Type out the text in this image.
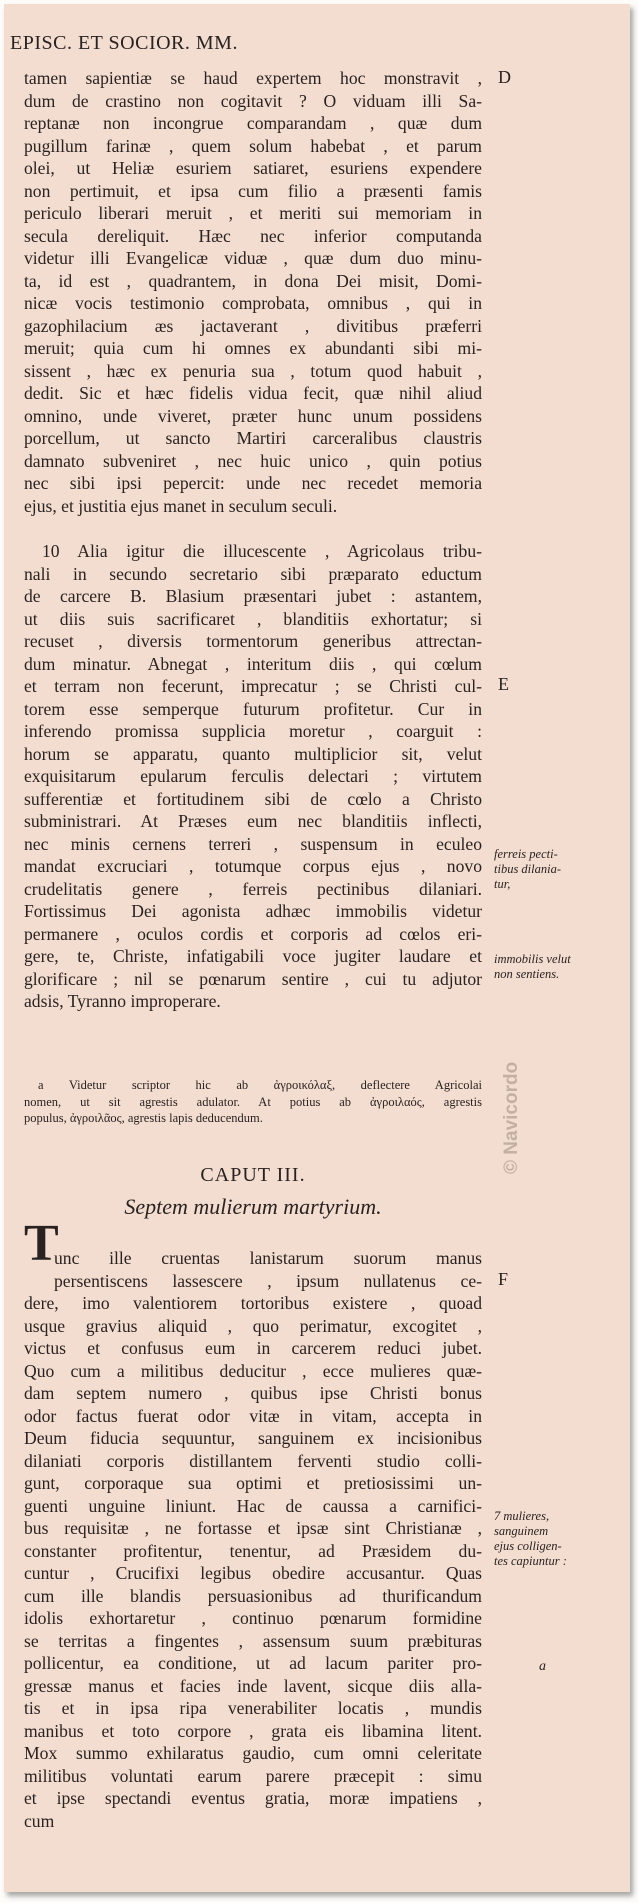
EPISC. ET SOCIOR. MM.
D
E
F
a
tamen sapientiæ se haud expertem hoc monstravit ,
dum de crastino non cogitavit ? O viduam illi Sa-
reptanæ non incongrue comparandam , quæ dum
pugillum farinæ , quem solum habebat , et parum
olei, ut Heliæ esuriem satiaret, esuriens expendere
non pertimuit, et ipsa cum filio a præsenti famis
periculo liberari meruit , et meriti sui memoriam in
secula dereliquit. Hæc nec inferior computanda
videtur illi Evangelicæ viduæ , quæ dum duo minu-
ta, id est , quadrantem, in dona Dei misit, Domi-
nicæ vocis testimonio comprobata, omnibus , qui in
gazophilacium æs jactaverant , divitibus præferri
meruit; quia cum hi omnes ex abundanti sibi mi-
sissent , hæc ex penuria sua , totum quod habuit ,
dedit. Sic et hæc fidelis vidua fecit, quæ nihil aliud
omnino, unde viveret, præter hunc unum possidens
porcellum, ut sancto Martiri carceralibus claustris
damnato subveniret , nec huic unico , quin potius
nec sibi ipsi pepercit: unde nec recedet memoria
ejus, et justitia ejus manet in seculum seculi.
10 Alia igitur die illucescente , Agricolaus tribu-
nali in secundo secretario sibi præparato eductum
de carcere B. Blasium præsentari jubet : astantem,
ut diis suis sacrificaret , blanditiis exhortatur; si
recuset , diversis tormentorum generibus attrectan-
dum minatur. Abnegat , interitum diis , qui cœlum
et terram non fecerunt, imprecatur ; se Christi cul-
torem esse semperque futurum profitetur. Cur in
inferendo promissa supplicia moretur , coarguit :
horum se apparatu, quanto multiplicior sit, velut
exquisitarum epularum ferculis delectari ; virtutem
sufferentiæ et fortitudinem sibi de cœlo a Christo
subministrari. At Præses eum nec blanditiis inflecti,
nec minis cernens terreri , suspensum in eculeo
mandat excruciari , totumque corpus ejus , novo
crudelitatis genere , ferreis pectinibus dilaniari.
Fortissimus Dei agonista adhæc immobilis videtur
permanere , oculos cordis et corporis ad cœlos eri-
gere, te, Christe, infatigabili voce jugiter laudare et
glorificare ; nil se pœnarum sentire , cui tu adjutor
adsis, Tyranno improperare.
a Videtur scriptor hic ab ἀγροικόλαξ, deflectere Agricolai
nomen, ut sit agrestis adulator. At potius ab ἀγροιλαός, agrestis
populus, ἀγροιλᾶος, agrestis lapis deducendum.
CAPUT III.
Septem mulierum martyrium.
T
unc ille cruentas lanistarum suorum manus
persentiscens lassescere , ipsum nullatenus ce-
dere, imo valentiorem tortoribus existere , quoad
usque gravius aliquid , quo perimatur, excogitet ,
victus et confusus eum in carcerem reduci jubet.
Quo cum a militibus deducitur , ecce mulieres quæ-
dam septem numero , quibus ipse Christi bonus
odor factus fuerat odor vitæ in vitam, accepta in
Deum fiducia sequuntur, sanguinem ex incisionibus
dilaniati corporis distillantem ferventi studio colli-
gunt, corporaque sua optimi et pretiosissimi un-
guenti unguine liniunt. Hac de caussa a carnifici-
bus requisitæ , ne fortasse et ipsæ sint Christianæ ,
constanter profitentur, tenentur, ad Præsidem du-
cuntur , Crucifixi legibus obedire accusantur. Quas
cum ille blandis persuasionibus ad thurificandum
idolis exhortaretur , continuo pœnarum formidine
se territas a fingentes , assensum suum præbituras
pollicentur, ea conditione, ut ad lacum pariter pro-
gressæ manus et facies inde lavent, sicque diis alla-
tis et in ipsa ripa venerabiliter locatis , mundis
manibus et toto corpore , grata eis libamina litent.
Mox summo exhilaratus gaudio, cum omni celeritate
militibus voluntati earum parere præcepit : simu
et ipse spectandi eventus gratia, moræ impatiens ,
cum
ferreis pecti-
tibus dilania-
tur,
immobilis velut
non sentiens.
7 mulieres,
sanguinem
ejus colligen-
tes capiuntur :
© Navicordo
